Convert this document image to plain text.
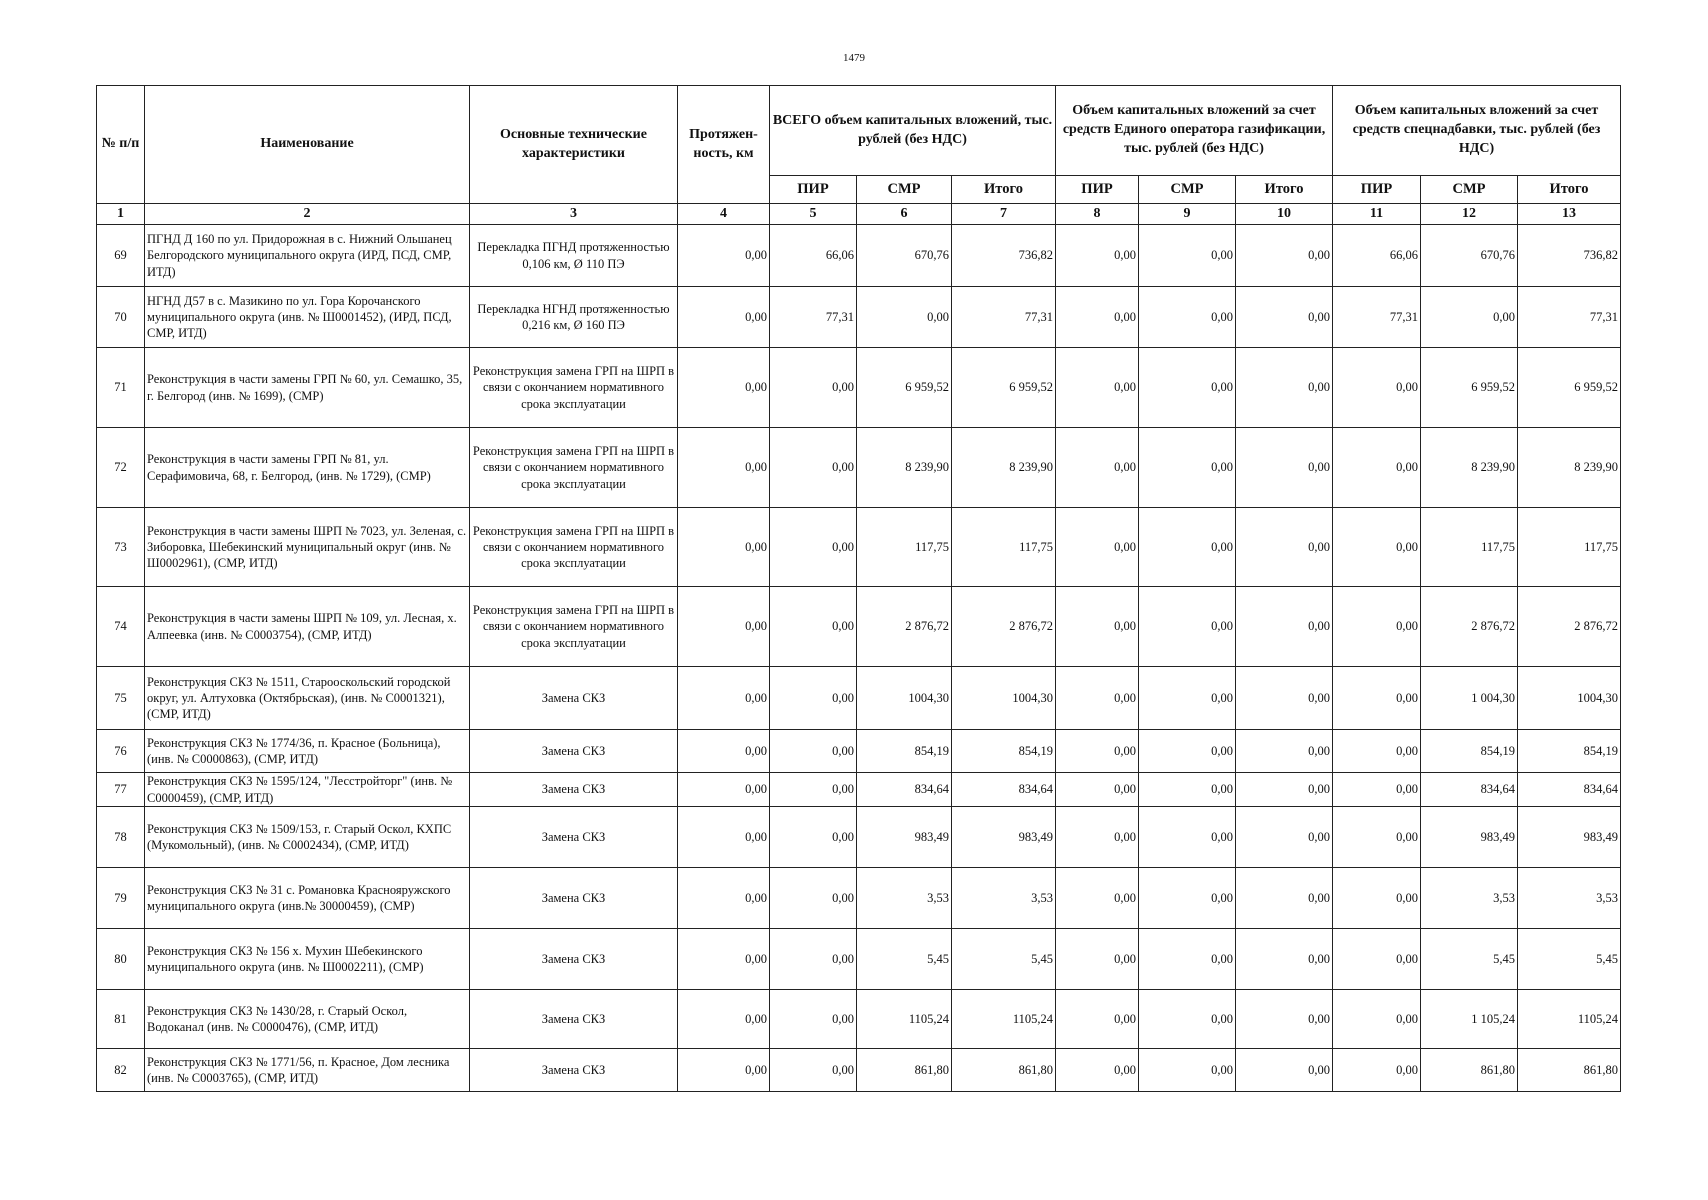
1479
№ п/п	Наименование	Основные технические характеристики	Протяжен-ность, км	ВСЕГО объем капитальных вложений, тыс. рублей (без НДС)			Объем капитальных вложений за счет средств Единого оператора газификации, тыс. рублей (без НДС)			Объем капитальных вложений за счет средств спецнадбавки, тыс. рублей (без НДС)		
				ПИР	СМР	Итого	ПИР	СМР	Итого	ПИР	СМР	Итого
1	2	3	4	5	6	7	8	9	10	11	12	13
69	ПГНД Д 160 по ул. Придорожная в с. Нижний Ольшанец Белгородского муниципального округа (ИРД, ПСД, СМР, ИТД)	Перекладка ПГНД протяженностью 0,106 км, Ø 110 ПЭ	0,00	66,06	670,76	736,82	0,00	0,00	0,00	66,06	670,76	736,82
70	НГНД Д57 в с. Мазикино по ул. Гора Корочанского муниципального округа (инв. № Ш0001452), (ИРД, ПСД, СМР, ИТД)	Перекладка НГНД протяженностью 0,216 км, Ø 160 ПЭ	0,00	77,31	0,00	77,31	0,00	0,00	0,00	77,31	0,00	77,31
71	Реконструкция в части замены ГРП № 60, ул. Семашко, 35, г. Белгород (инв. № 1699), (СМР)	Реконструкция замена ГРП на ШРП в связи с окончанием нормативного срока эксплуатации	0,00	0,00	6 959,52	6 959,52	0,00	0,00	0,00	0,00	6 959,52	6 959,52
72	Реконструкция в части замены ГРП № 81, ул. Серафимовича, 68, г. Белгород, (инв. № 1729), (СМР)	Реконструкция замена ГРП на ШРП в связи с окончанием нормативного срока эксплуатации	0,00	0,00	8 239,90	8 239,90	0,00	0,00	0,00	0,00	8 239,90	8 239,90
73	Реконструкция в части замены ШРП № 7023, ул. Зеленая, с. Зиборовка, Шебекинский муниципальный округ (инв. № Ш0002961), (СМР, ИТД)	Реконструкция замена ГРП на ШРП в связи с окончанием нормативного срока эксплуатации	0,00	0,00	117,75	117,75	0,00	0,00	0,00	0,00	117,75	117,75
74	Реконструкция в части замены ШРП № 109, ул. Лесная, х. Алпеевка (инв. № С0003754), (СМР, ИТД)	Реконструкция замена ГРП на ШРП в связи с окончанием нормативного срока эксплуатации	0,00	0,00	2 876,72	2 876,72	0,00	0,00	0,00	0,00	2 876,72	2 876,72
75	Реконструкция СКЗ № 1511, Старооскольский городской округ, ул. Алтуховка (Октябрьская), (инв. № С0001321), (СМР, ИТД)	Замена СКЗ	0,00	0,00	1004,30	1004,30	0,00	0,00	0,00	0,00	1 004,30	1004,30
76	Реконструкция СКЗ № 1774/36, п. Красное (Больница), (инв. № С0000863), (СМР, ИТД)	Замена СКЗ	0,00	0,00	854,19	854,19	0,00	0,00	0,00	0,00	854,19	854,19
77	Реконструкция СКЗ № 1595/124, "Лесстройторг" (инв. № С0000459), (СМР, ИТД)	Замена СКЗ	0,00	0,00	834,64	834,64	0,00	0,00	0,00	0,00	834,64	834,64
78	Реконструкция СКЗ № 1509/153, г. Старый Оскол, КХПС (Мукомольный), (инв. № С0002434), (СМР, ИТД)	Замена СКЗ	0,00	0,00	983,49	983,49	0,00	0,00	0,00	0,00	983,49	983,49
79	Реконструкция СКЗ № 31 с. Романовка Краснояружского муниципального округа (инв.№ 30000459), (СМР)	Замена СКЗ	0,00	0,00	3,53	3,53	0,00	0,00	0,00	0,00	3,53	3,53
80	Реконструкция СКЗ № 156 х. Мухин Шебекинского муниципального округа (инв. № Ш0002211), (СМР)	Замена СКЗ	0,00	0,00	5,45	5,45	0,00	0,00	0,00	0,00	5,45	5,45
81	Реконструкция СКЗ № 1430/28, г. Старый Оскол, Водоканал (инв. № С0000476), (СМР, ИТД)	Замена СКЗ	0,00	0,00	1105,24	1105,24	0,00	0,00	0,00	0,00	1 105,24	1105,24
82	Реконструкция СКЗ № 1771/56, п. Красное, Дом лесника (инв. № С0003765), (СМР, ИТД)	Замена СКЗ	0,00	0,00	861,80	861,80	0,00	0,00	0,00	0,00	861,80	861,80
